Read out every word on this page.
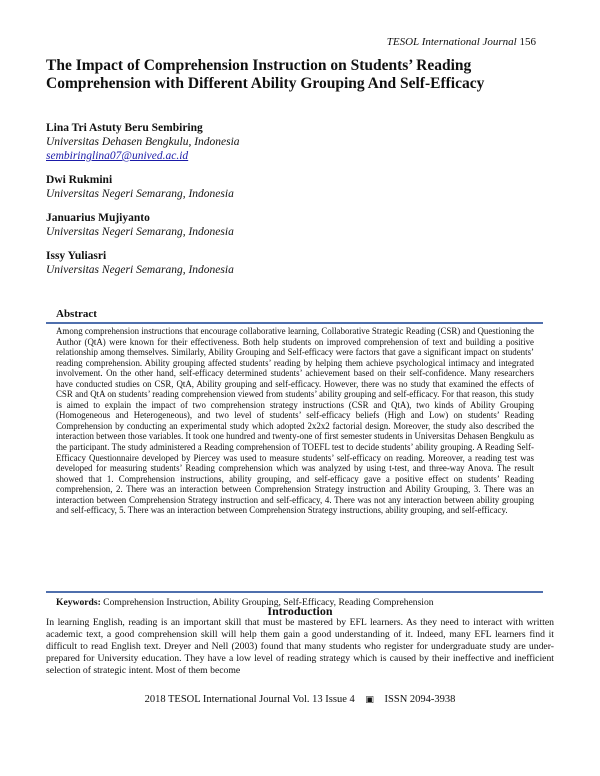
TESOL International Journal 156
The Impact of Comprehension Instruction on Students’ Reading Comprehension with Different Ability Grouping And Self-Efficacy
Lina Tri Astuty Beru Sembiring
Universitas Dehasen Bengkulu, Indonesia
sembiringlina07@unived.ac.id
Dwi Rukmini
Universitas Negeri Semarang, Indonesia
Januarius Mujiyanto
Universitas Negeri Semarang, Indonesia
Issy Yuliasri
Universitas Negeri Semarang, Indonesia
Abstract

Among comprehension instructions that encourage collaborative learning, Collaborative Strategic Reading (CSR) and Questioning the Author (QtA) were known for their effectiveness. Both help students on improved comprehension of text and building a positive relationship among themselves. Similarly, Ability Grouping and Self-efficacy were factors that gave a significant impact on students’ reading comprehension. Ability grouping affected students’ reading by helping them achieve psychological intimacy and integrated involvement. On the other hand, self-efficacy determined students’ achievement based on their self-confidence. Many researchers have conducted studies on CSR, QtA, Ability grouping and self-efficacy. However, there was no study that examined the effects of CSR and QtA on students’ reading comprehension viewed from students’ ability grouping and self-efficacy. For that reason, this study is aimed to explain the impact of two comprehension strategy instructions (CSR and QtA), two kinds of Ability Grouping (Homogeneous and Heterogeneous), and two level of students’ self-efficacy beliefs (High and Low) on students’ Reading Comprehension by conducting an experimental study which adopted 2x2x2 factorial design. Moreover, the study also described the interaction between those variables. It took one hundred and twenty-one of first semester students in Universitas Dehasen Bengkulu as the participant. The study administered a Reading comprehension of TOEFL test to decide students’ ability grouping. A Reading Self-Efficacy Questionnaire developed by Piercey was used to measure students’ self-efficacy on reading. Moreover, a reading test was developed for measuring students’ Reading comprehension which was analyzed by using t-test, and three-way Anova. The result showed that 1. Comprehension instructions, ability grouping, and self-efficacy gave a positive effect on students’ Reading comprehension, 2. There was an interaction between Comprehension Strategy instruction and Ability Grouping, 3. There was an interaction between Comprehension Strategy instruction and self-efficacy, 4. There was not any interaction between ability grouping and self-efficacy, 5. There was an interaction between Comprehension Strategy instructions, ability grouping, and self-efficacy.

Keywords: Comprehension Instruction, Ability Grouping, Self-Efficacy, Reading Comprehension
Introduction

In learning English, reading is an important skill that must be mastered by EFL learners. As they need to interact with written academic text, a good comprehension skill will help them gain a good understanding of it. Indeed, many EFL learners find it difficult to read English text. Dreyer and Nell (2003) found that many students who register for undergraduate study are under-prepared for University education. They have a low level of reading strategy which is caused by their ineffective and inefficient selection of strategic intent. Most of them become

2018 TESOL International Journal Vol. 13 Issue 4 ▣ ISSN 2094-3938
